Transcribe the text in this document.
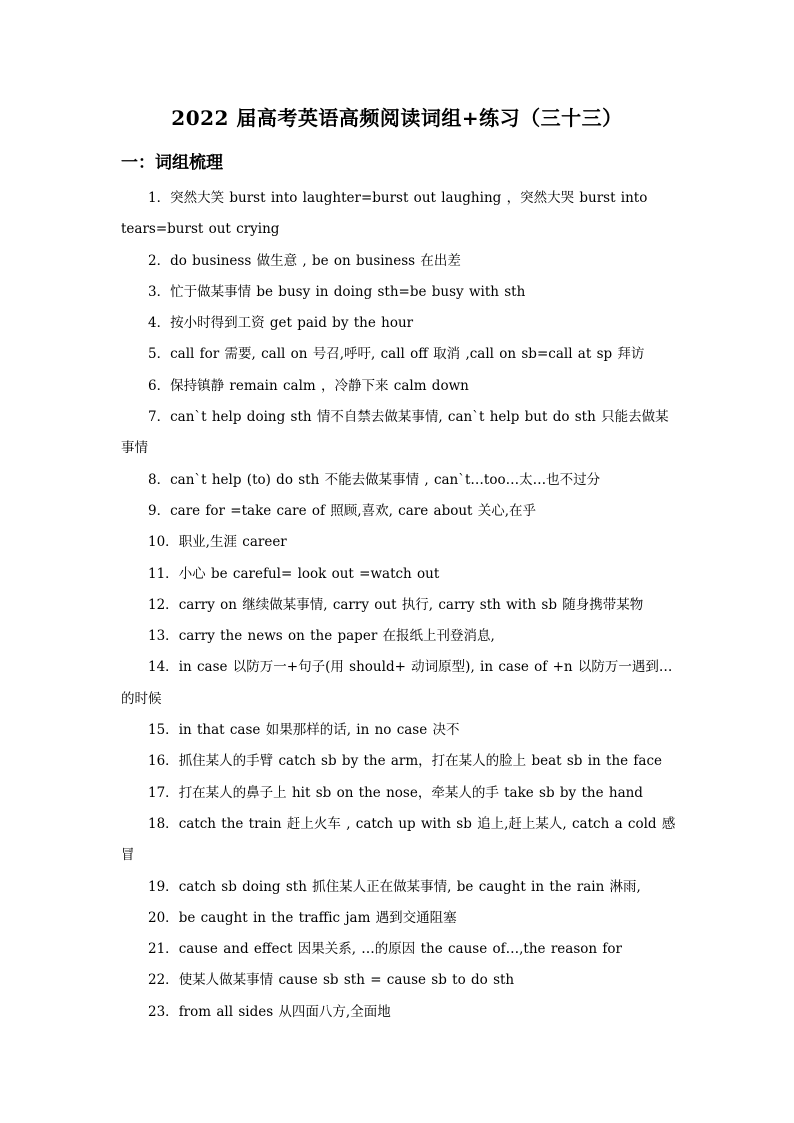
2022 届高考英语高频阅读词组+练习（三十三）
一：词组梳理
1．突然大笑 burst into laughter=burst out laughing ，突然大哭 burst into tears=burst out crying
2．do business 做生意 , be on business 在出差
3．忙于做某事情 be busy in doing sth=be busy with sth
4．按小时得到工资 get paid by the hour
5．call for 需要, call on 号召,呼吁, call off 取消 ,call on sb=call at sp 拜访
6．保持镇静 remain calm ，冷静下来 calm down
7．can`t help doing sth 情不自禁去做某事情, can`t help but do sth 只能去做某事情
8．can`t help (to) do sth 不能去做某事情 , can`t…too…太…也不过分
9．care for =take care of 照顾,喜欢, care about 关心,在乎
10．职业,生涯 career
11．小心 be careful= look out =watch out
12．carry on 继续做某事情, carry out 执行, carry sth with sb 随身携带某物
13．carry the news on the paper 在报纸上刊登消息,
14．in case 以防万一+句子(用 should+ 动词原型), in case of +n 以防万一遇到…的时候
15．in that case 如果那样的话, in no case 决不
16．抓住某人的手臂 catch sb by the arm，打在某人的脸上 beat sb in the face
17．打在某人的鼻子上 hit sb on the nose，牵某人的手 take sb by the hand
18．catch the train 赶上火车 , catch up with sb 追上,赶上某人, catch a cold 感冒
19．catch sb doing sth 抓住某人正在做某事情, be caught in the rain 淋雨,
20．be caught in the traffic jam 遇到交通阻塞
21．cause and effect 因果关系, …的原因 the cause of…,the reason for
22．使某人做某事情 cause sb sth = cause sb to do sth
23．from all sides 从四面八方,全面地
